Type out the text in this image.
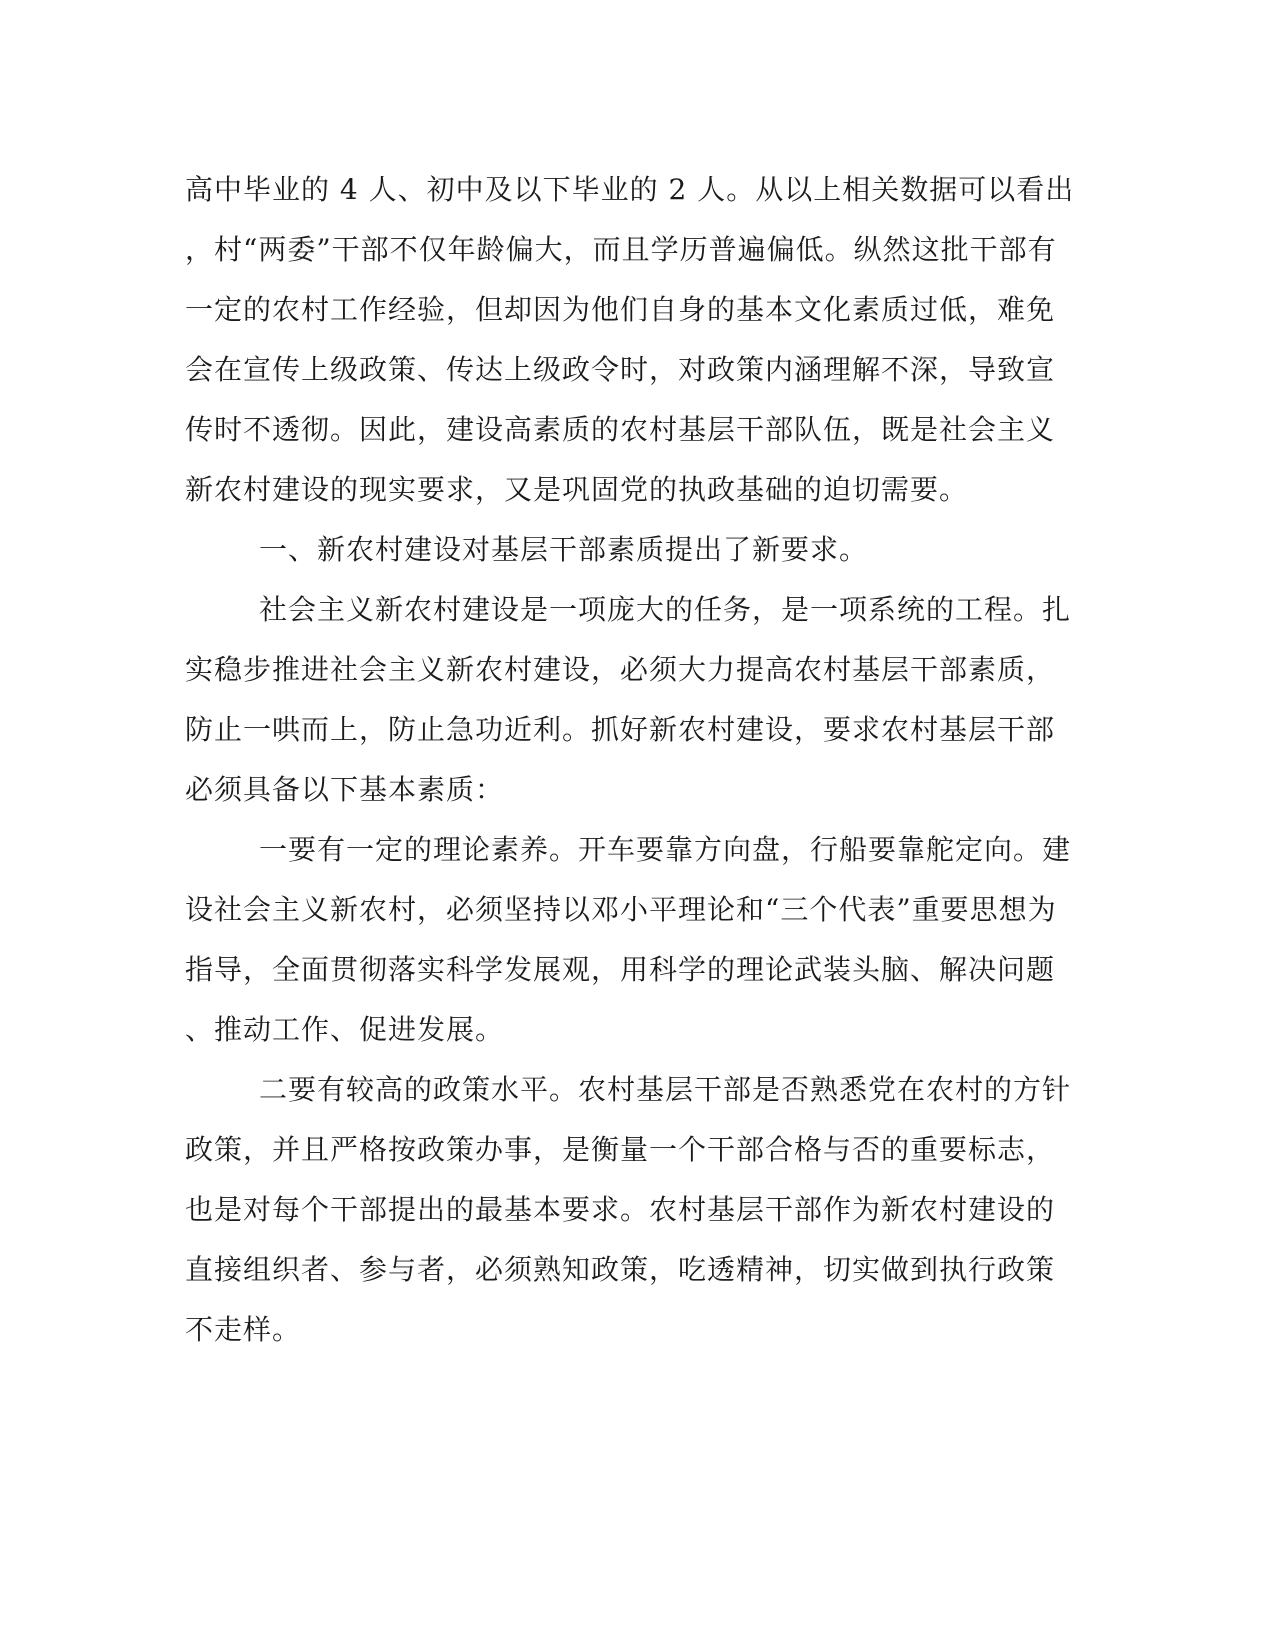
高中毕业的 4 人、初中及以下毕业的 2 人。从以上相关数据可以看出
，村“两委”干部不仅年龄偏大，而且学历普遍偏低。纵然这批干部有
一定的农村工作经验，但却因为他们自身的基本文化素质过低，难免
会在宣传上级政策、传达上级政令时，对政策内涵理解不深，导致宣
传时不透彻。因此，建设高素质的农村基层干部队伍，既是社会主义
新农村建设的现实要求，又是巩固党的执政基础的迫切需要。
一、新农村建设对基层干部素质提出了新要求。
社会主义新农村建设是一项庞大的任务，是一项系统的工程。扎
实稳步推进社会主义新农村建设，必须大力提高农村基层干部素质，
防止一哄而上，防止急功近利。抓好新农村建设，要求农村基层干部
必须具备以下基本素质：
一要有一定的理论素养。开车要靠方向盘，行船要靠舵定向。建
设社会主义新农村，必须坚持以邓小平理论和“三个代表”重要思想为
指导，全面贯彻落实科学发展观，用科学的理论武装头脑、解决问题
、推动工作、促进发展。
二要有较高的政策水平。农村基层干部是否熟悉党在农村的方针
政策，并且严格按政策办事，是衡量一个干部合格与否的重要标志，
也是对每个干部提出的最基本要求。农村基层干部作为新农村建设的
直接组织者、参与者，必须熟知政策，吃透精神，切实做到执行政策
不走样。
